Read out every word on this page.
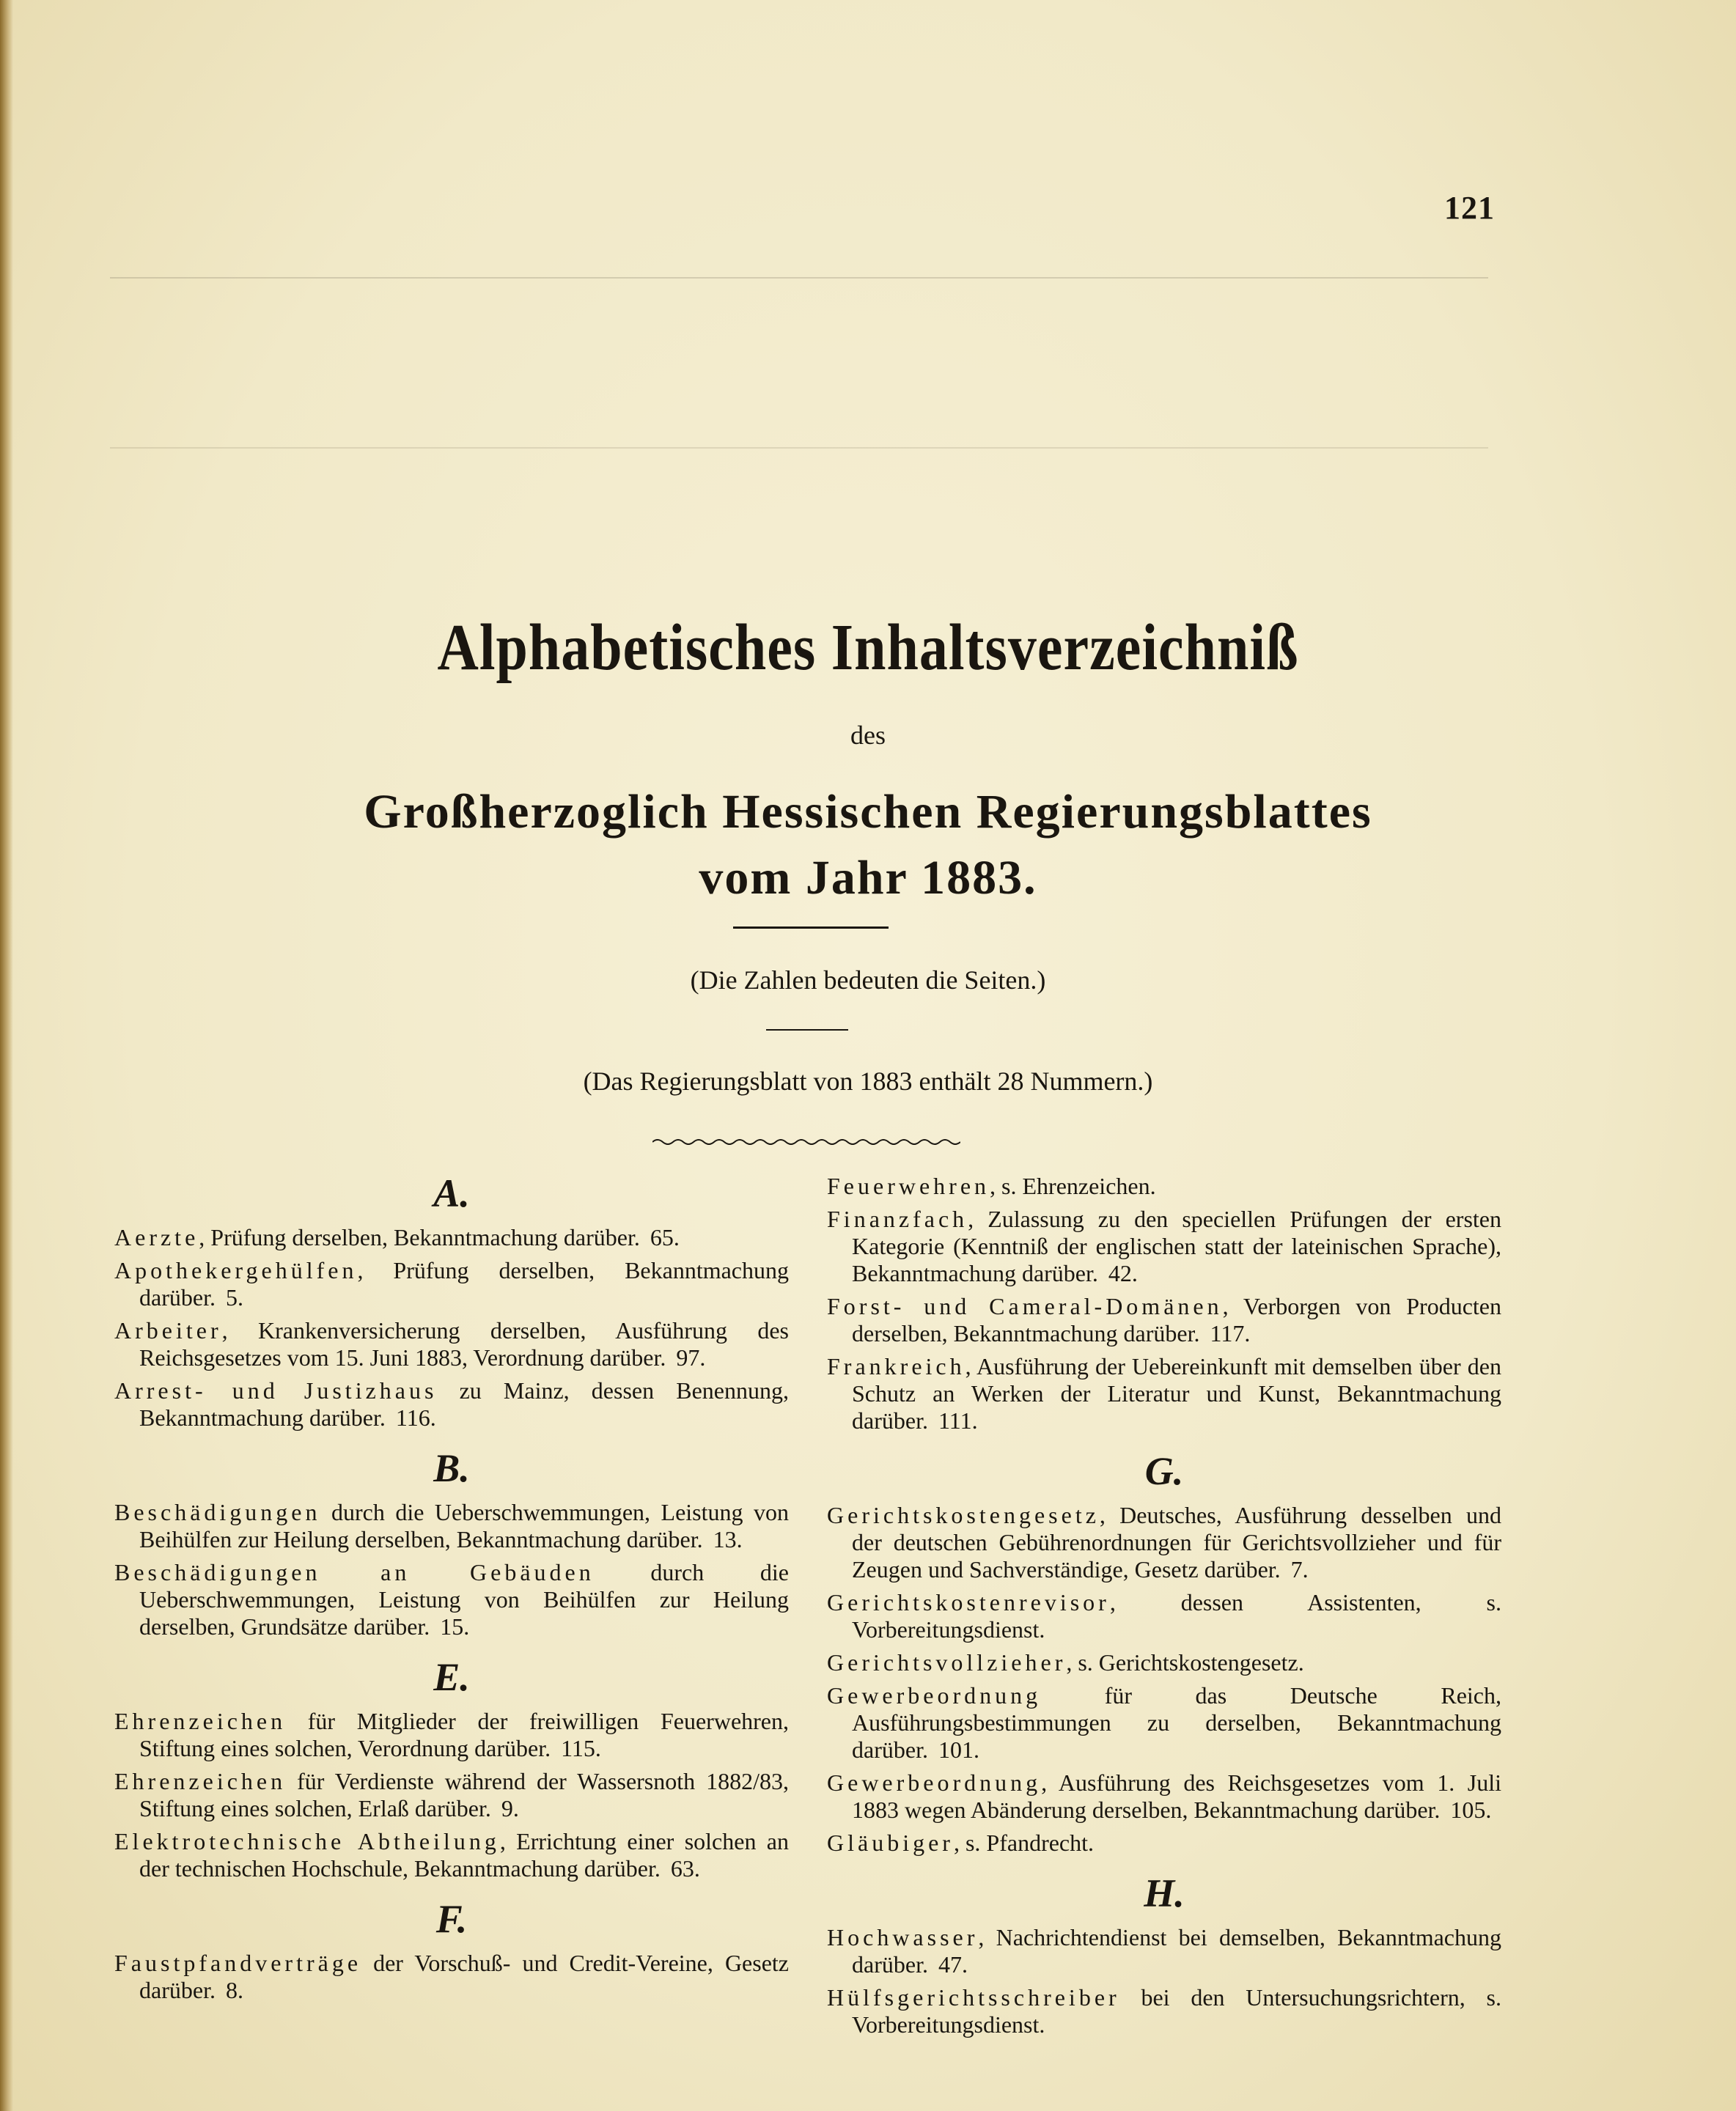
121
Alphabetisches Inhaltsverzeichniß
des
Großherzoglich Hessischen Regierungsblattes
vom Jahr 1883.
(Die Zahlen bedeuten die Seiten.)
(Das Regierungsblatt von 1883 enthält 28 Nummern.)
A.
Aerzte, Prüfung derselben, Bekanntmachung darüber. 65.
Apothekergehülfen, Prüfung derselben, Bekanntmachung darüber. 5.
Arbeiter, Krankenversicherung derselben, Ausführung des Reichsgesetzes vom 15. Juni 1883, Verordnung darüber. 97.
Arrest- und Justizhaus zu Mainz, dessen Benennung, Bekanntmachung darüber. 116.
B.
Beschädigungen durch die Ueberschwemmungen, Leistung von Beihülfen zur Heilung derselben, Bekanntmachung darüber. 13.
Beschädigungen an Gebäuden durch die Ueberschwemmungen, Leistung von Beihülfen zur Heilung derselben, Grundsätze darüber. 15.
E.
Ehrenzeichen für Mitglieder der freiwilligen Feuerwehren, Stiftung eines solchen, Verordnung darüber. 115.
Ehrenzeichen für Verdienste während der Wassersnoth 1882/83, Stiftung eines solchen, Erlaß darüber. 9.
Elektrotechnische Abtheilung, Errichtung einer solchen an der technischen Hochschule, Bekanntmachung darüber. 63.
F.
Faustpfandverträge der Vorschuß- und Credit-Vereine, Gesetz darüber. 8.
Feuerwehren, s. Ehrenzeichen.
Finanzfach, Zulassung zu den speciellen Prüfungen der ersten Kategorie (Kenntniß der englischen statt der lateinischen Sprache), Bekanntmachung darüber. 42.
Forst- und Cameral-Domänen, Verborgen von Producten derselben, Bekanntmachung darüber. 117.
Frankreich, Ausführung der Uebereinkunft mit demselben über den Schutz an Werken der Literatur und Kunst, Bekanntmachung darüber. 111.
G.
Gerichtskostengesetz, Deutsches, Ausführung desselben und der deutschen Gebührenordnungen für Gerichtsvollzieher und für Zeugen und Sachverständige, Gesetz darüber. 7.
Gerichtskostenrevisor, dessen Assistenten, s. Vorbereitungsdienst.
Gerichtsvollzieher, s. Gerichtskostengesetz.
Gewerbeordnung für das Deutsche Reich, Ausführungsbestimmungen zu derselben, Bekanntmachung darüber. 101.
Gewerbeordnung, Ausführung des Reichsgesetzes vom 1. Juli 1883 wegen Abänderung derselben, Bekanntmachung darüber. 105.
Gläubiger, s. Pfandrecht.
H.
Hochwasser, Nachrichtendienst bei demselben, Bekanntmachung darüber. 47.
Hülfsgerichtsschreiber bei den Untersuchungsrichtern, s. Vorbereitungsdienst.
